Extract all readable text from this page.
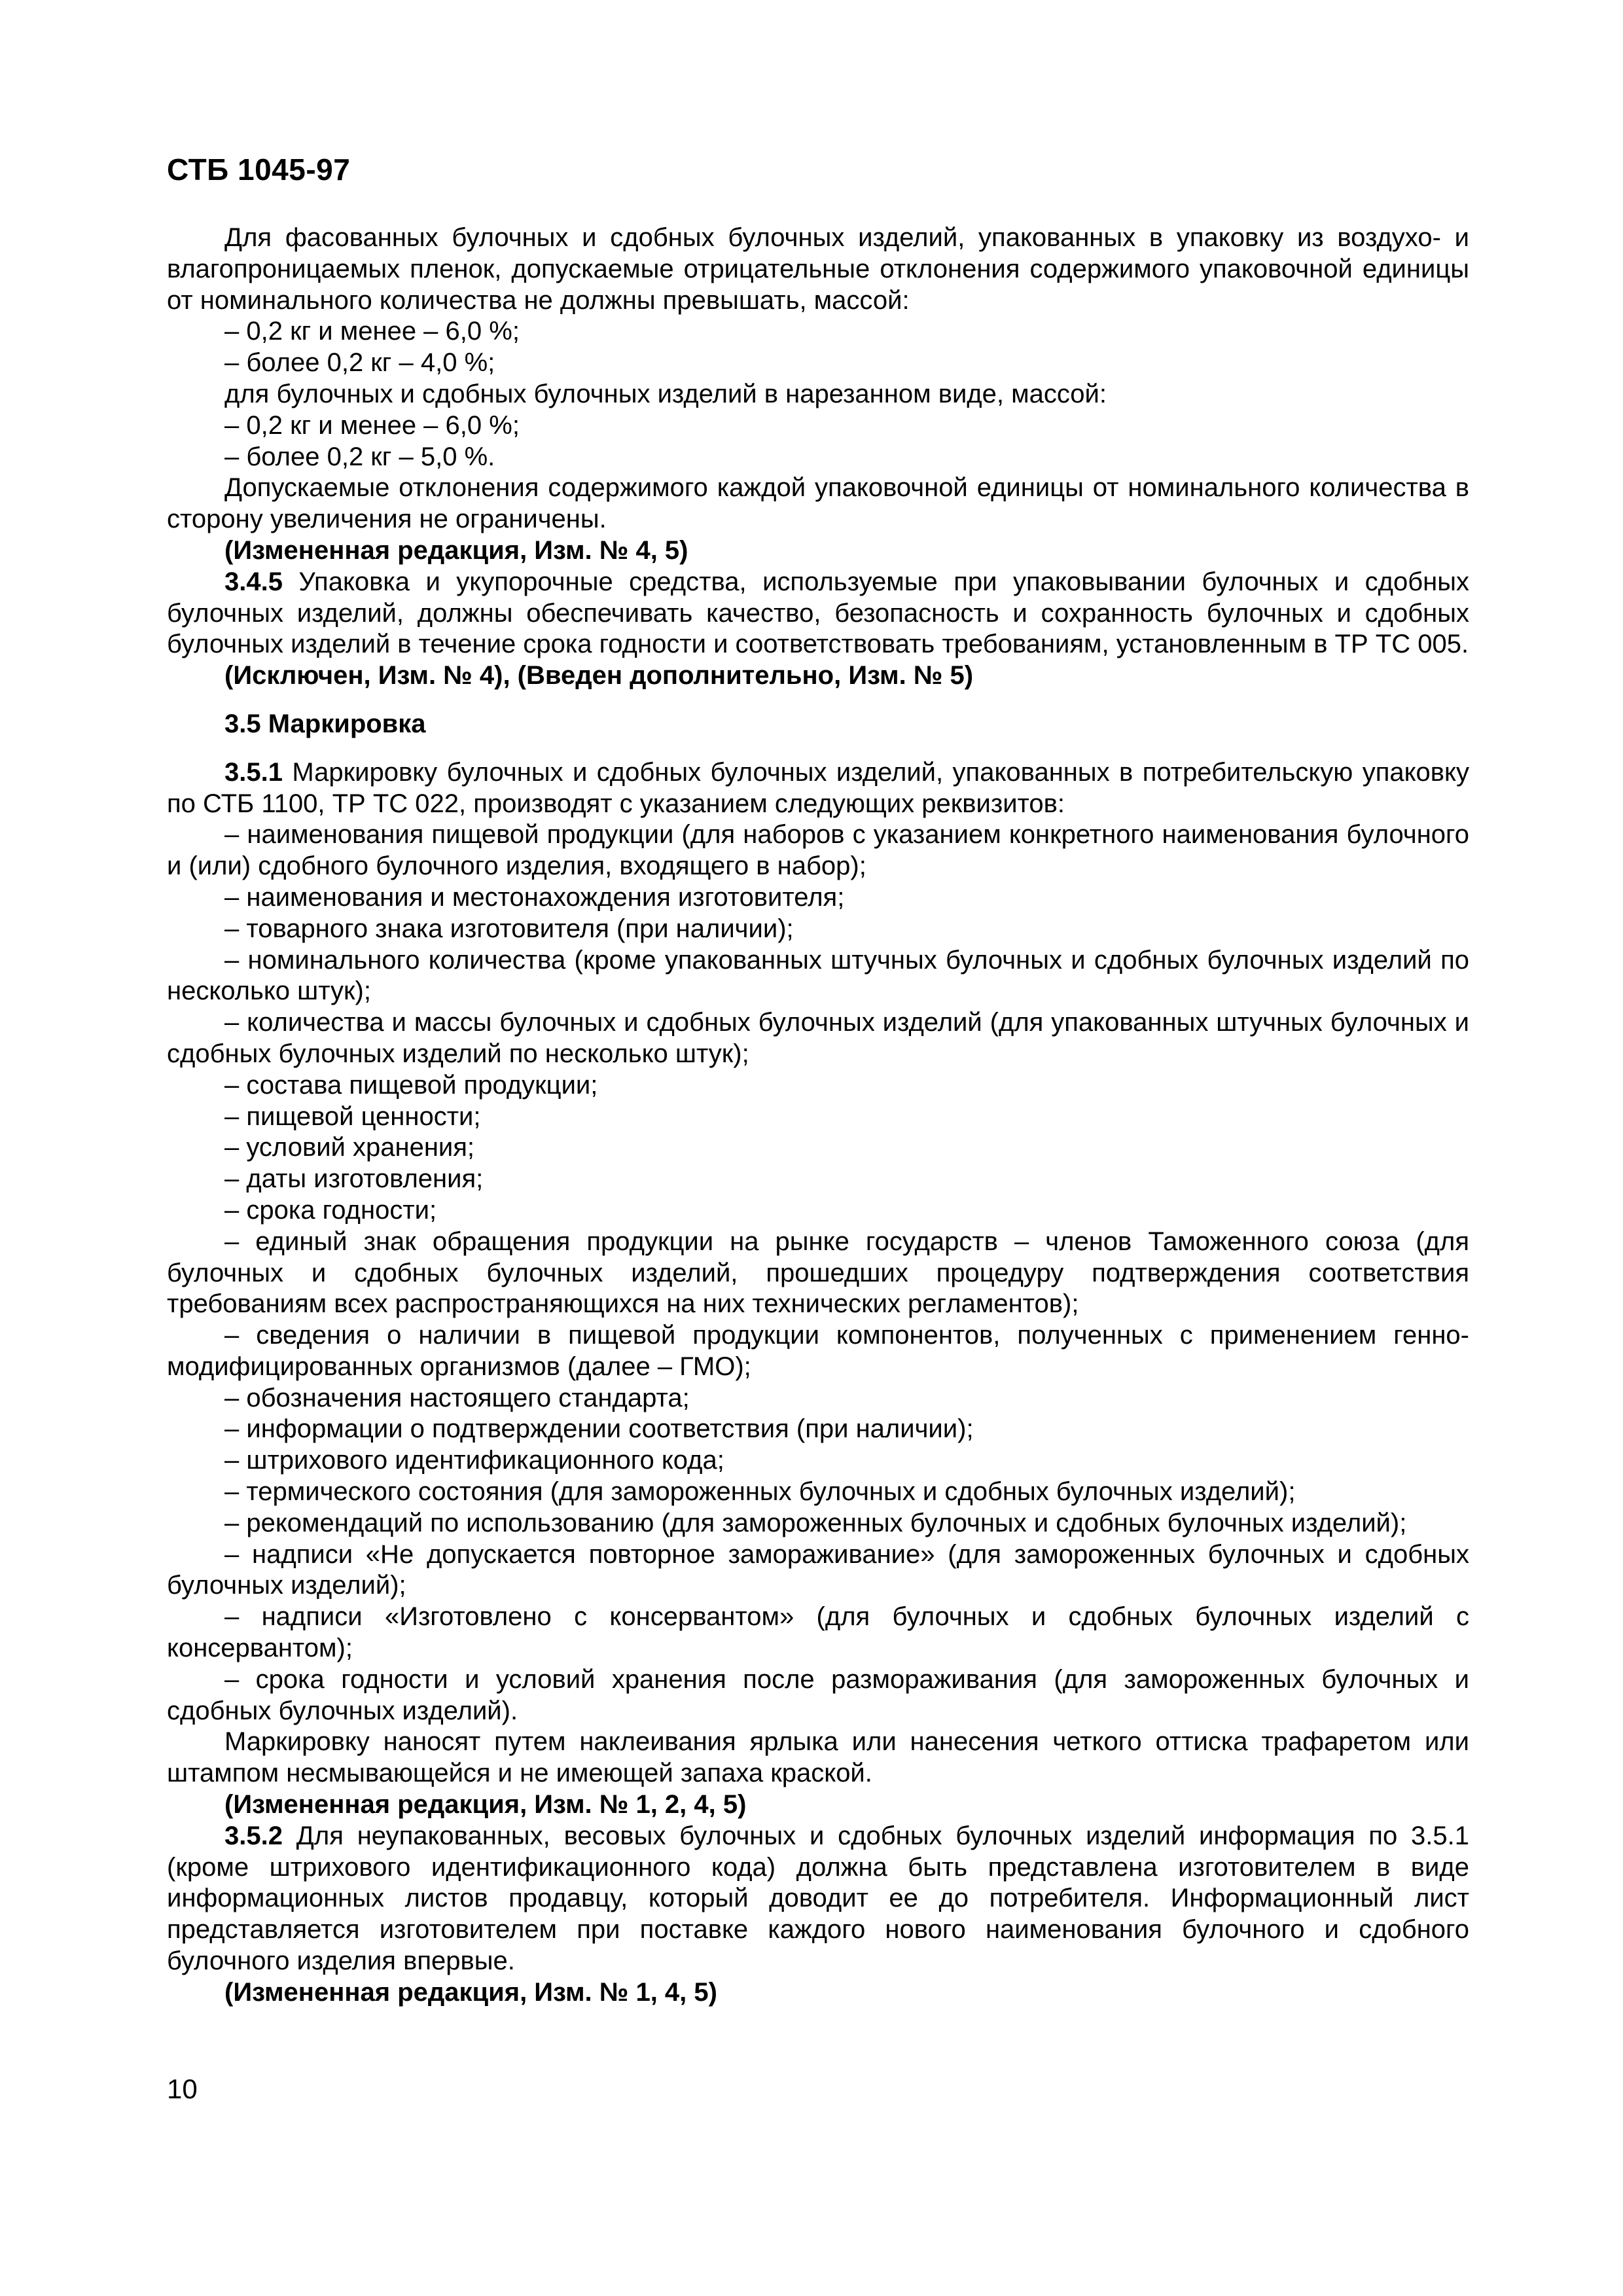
СТБ 1045-97

Для фасованных булочных и сдобных булочных изделий, упакованных в упаковку из воздухо- и влагопроницаемых пленок, допускаемые отрицательные отклонения содержимого упаковочной единицы от номинального количества не должны превышать, массой:

– 0,2 кг и менее – 6,0 %;

– более 0,2 кг – 4,0 %;

для булочных и сдобных булочных изделий в нарезанном виде, массой:

– 0,2 кг и менее – 6,0 %;

– более 0,2 кг – 5,0 %.

Допускаемые отклонения содержимого каждой упаковочной единицы от номинального количества в сторону увеличения не ограничены.

(Измененная редакция, Изм. № 4, 5)

3.4.5 Упаковка и укупорочные средства, используемые при упаковывании булочных и сдобных булочных изделий, должны обеспечивать качество, безопасность и сохранность булочных и сдобных булочных изделий в течение срока годности и соответствовать требованиям, установленным в ТР ТС 005.

(Исключен, Изм. № 4), (Введен дополнительно, Изм. № 5)

3.5 Маркировка

3.5.1 Маркировку булочных и сдобных булочных изделий, упакованных в потребительскую упаковку по СТБ 1100, ТР ТС 022, производят с указанием следующих реквизитов:

– наименования пищевой продукции (для наборов с указанием конкретного наименования булочного и (или) сдобного булочного изделия, входящего в набор);

– наименования и местонахождения изготовителя;

– товарного знака изготовителя (при наличии);

– номинального количества (кроме упакованных штучных булочных и сдобных булочных изделий по несколько штук);

– количества и массы булочных и сдобных булочных изделий (для упакованных штучных булочных и сдобных булочных изделий по несколько штук);

– состава пищевой продукции;

– пищевой ценности;

– условий хранения;

– даты изготовления;

– срока годности;

– единый знак обращения продукции на рынке государств – членов Таможенного союза (для булочных и сдобных булочных изделий, прошедших процедуру подтверждения соответствия требованиям всех распространяющихся на них технических регламентов);

– сведения о наличии в пищевой продукции компонентов, полученных с применением генно-модифицированных организмов (далее – ГМО);

– обозначения настоящего стандарта;

– информации о подтверждении соответствия (при наличии);

– штрихового идентификационного кода;

– термического состояния (для замороженных булочных и сдобных булочных изделий);

– рекомендаций по использованию (для замороженных булочных и сдобных булочных изделий);

– надписи «Не допускается повторное замораживание» (для замороженных булочных и сдобных булочных изделий);

– надписи «Изготовлено с консервантом» (для булочных и сдобных булочных изделий с консервантом);

– срока годности и условий хранения после размораживания (для замороженных булочных и сдобных булочных изделий).

Маркировку наносят путем наклеивания ярлыка или нанесения четкого оттиска трафаретом или штампом несмывающейся и не имеющей запаха краской.

(Измененная редакция, Изм. № 1, 2, 4, 5)

3.5.2 Для неупакованных, весовых булочных и сдобных булочных изделий информация по 3.5.1 (кроме штрихового идентификационного кода) должна быть представлена изготовителем в виде информационных листов продавцу, который доводит ее до потребителя. Информационный лист представляется изготовителем при поставке каждого нового наименования булочного и сдобного булочного изделия впервые.

(Измененная редакция, Изм. № 1, 4, 5)

10
